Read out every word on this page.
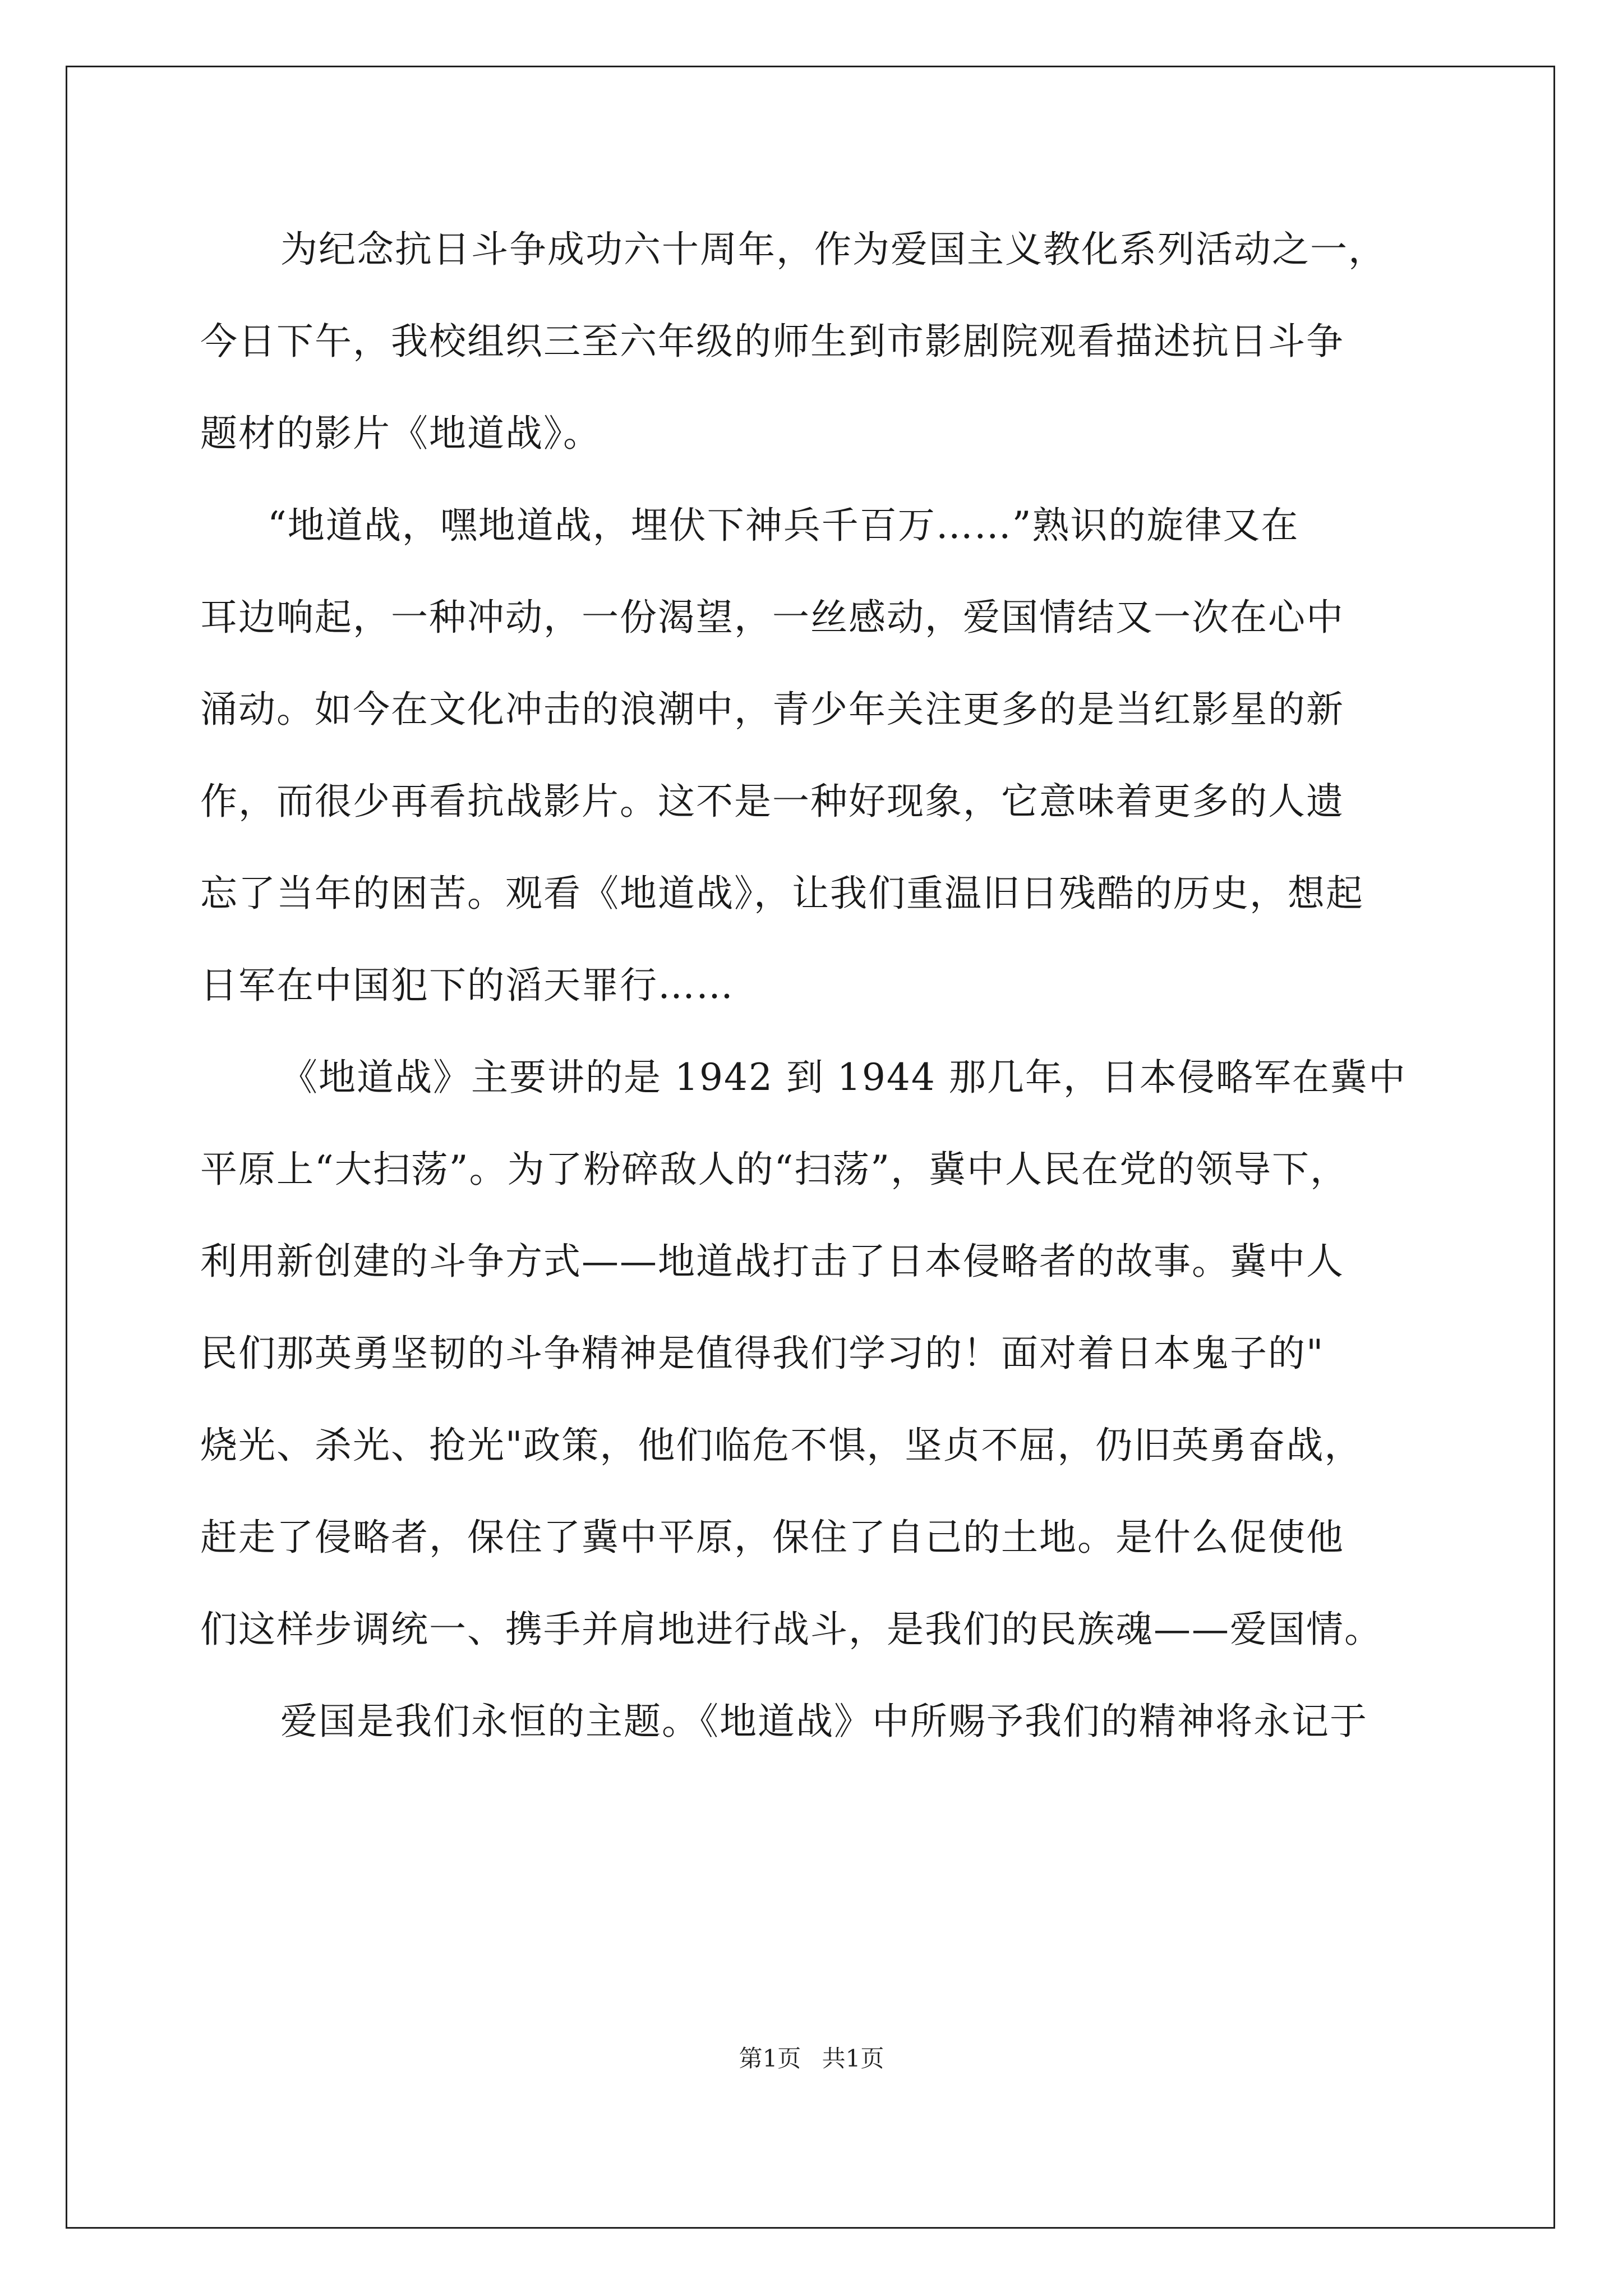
为纪念抗日斗争成功六十周年，作为爱国主义教化系列活动之一，
今日下午，我校组织三至六年级的师生到市影剧院观看描述抗日斗争
题材的影片《地道战》。
“地道战，嘿地道战，埋伏下神兵千百万……”熟识的旋律又在
耳边响起，一种冲动，一份渴望，一丝感动，爱国情结又一次在心中
涌动。如今在文化冲击的浪潮中，青少年关注更多的是当红影星的新
作，而很少再看抗战影片。这不是一种好现象，它意味着更多的人遗
忘了当年的困苦。观看《地道战》，让我们重温旧日残酷的历史，想起
日军在中国犯下的滔天罪行……
《地道战》主要讲的是 1942 到 1944 那几年，日本侵略军在冀中
平原上“大扫荡”。为了粉碎敌人的“扫荡”，冀中人民在党的领导下，
利用新创建的斗争方式——地道战打击了日本侵略者的故事。冀中人
民们那英勇坚韧的斗争精神是值得我们学习的！面对着日本鬼子的"
烧光、杀光、抢光"政策，他们临危不惧，坚贞不屈，仍旧英勇奋战，
赶走了侵略者，保住了冀中平原，保住了自己的土地。是什么促使他
们这样步调统一、携手并肩地进行战斗，是我们的民族魂——爱国情。
爱国是我们永恒的主题。《地道战》中所赐予我们的精神将永记于
第1页 共1页
